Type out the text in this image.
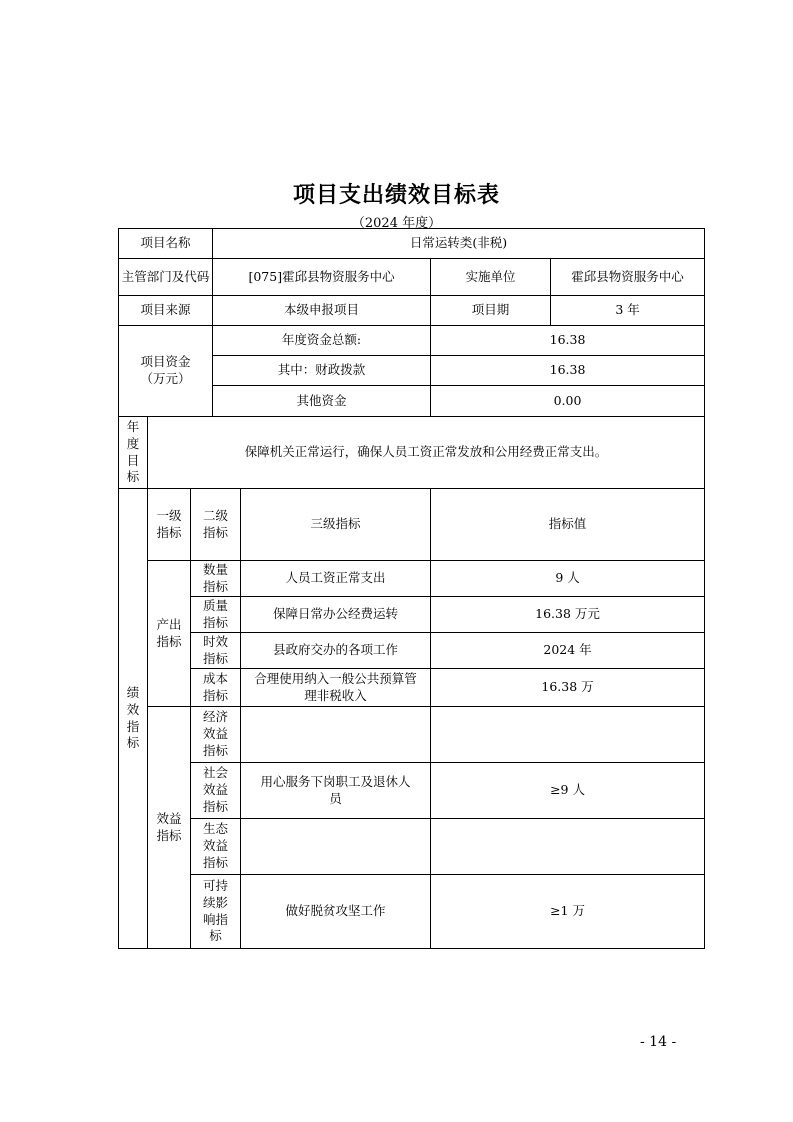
项目支出绩效目标表
（2024 年度）
项目名称			日常运转类(非税)			
主管部门及代码			[075]霍邱县物资服务中心		实施单位	霍邱县物资服务中心
项目来源			本级申报项目		项目期	3 年

项目资金（万元）			年度资金总额:		16.38	
			其中：财政拨款		16.38	
			其他资金		0.00	
年度目标	保障机关正常运行，确保人员工资正常发放和公用经费正常支出。					
绩效指标	一级指标	二级指标		三级指标	指标值	
	产出指标	数量指标		人员工资正常支出	9 人	
		质量指标		保障日常办公经费运转	16.38 万元	
		时效指标		县政府交办的各项工作	2024 年	
		成本指标		合理使用纳入一般公共预算管理非税收入	16.38 万	
	效益指标	经济效益指标				
		社会效益指标		用心服务下岗职工及退休人员	≥9 人	
		生态效益指标				
		可持续影响指标		做好脱贫攻坚工作	≥1 万	
- 14 -
